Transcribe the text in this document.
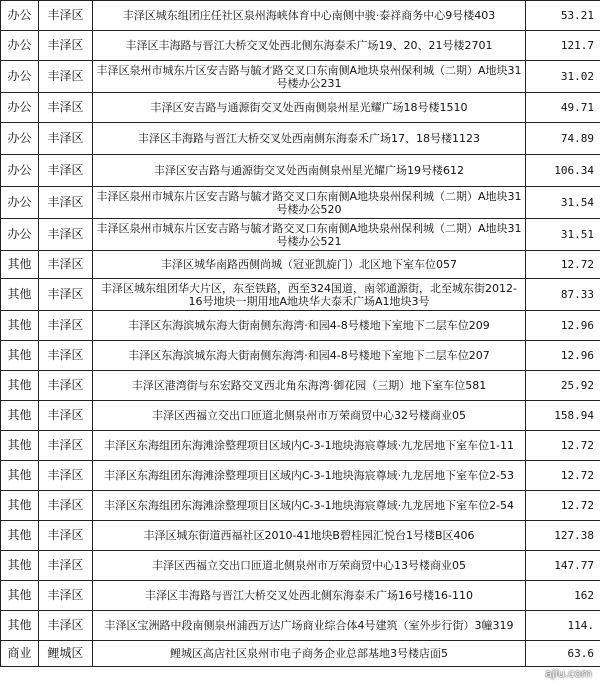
办公	丰泽区	丰泽区城东组团庄任社区泉州海峡体育中心南侧中骏·泰祥商务中心9号楼403	53.21
办公	丰泽区	丰泽区丰海路与晋江大桥交叉处西北侧东海泰禾广场19、20、21号楼2701	121.7
办公	丰泽区	丰泽区泉州市城东片区安吉路与毓才路交叉口东南侧A地块泉州保利城（二期）A地块31号楼办公231	31.02
办公	丰泽区	丰泽区安吉路与通源街交叉处西南侧泉州星光耀广场18号楼1510	49.71
办公	丰泽区	丰泽区丰海路与晋江大桥交叉处西南侧东海泰禾广场17、18号楼1123	74.89
办公	丰泽区	丰泽区安吉路与通源街交叉处西南侧泉州星光耀广场19号楼612	106.34
办公	丰泽区	丰泽区泉州市城东片区安吉路与毓才路交叉口东南侧A地块泉州保利城（二期）A地块31号楼办公520	31.54
办公	丰泽区	丰泽区泉州市城东片区安吉路与毓才路交叉口东南侧A地块泉州保利城（二期）A地块31号楼办公521	31.51
其他	丰泽区	丰泽区城华南路西侧尚城（冠亚凯旋门）北区地下室车位057	12.72
其他	丰泽区	丰泽区城东组团华大片区，东至铁路，西至324国道，南邻通源街，北至城东街2012-16号地块一期用地A地块华大泰禾广场A1地块3号	87.33
其他	丰泽区	丰泽区东海滨城东海大街南侧东海湾·和园4-8号楼地下室地下二层车位209	12.96
其他	丰泽区	丰泽区东海滨城东海大街南侧东海湾·和园4-8号楼地下室地下二层车位207	12.96
其他	丰泽区	丰泽区港湾街与东宏路交叉西北角东海湾·御花园（三期）地下室车位581	25.92
其他	丰泽区	丰泽区西福立交出口匝道北侧泉州市万荣商贸中心32号楼商业05	158.94
其他	丰泽区	丰泽区东海组团东海滩涂整理项目区域内C-3-1地块海宸尊域·九龙居地下室车位1-11	12.72
其他	丰泽区	丰泽区东海组团东海滩涂整理项目区域内C-3-1地块海宸尊域·九龙居地下室车位2-53	12.72
其他	丰泽区	丰泽区东海组团东海滩涂整理项目区域内C-3-1地块海宸尊域·九龙居地下室车位2-54	12.72
其他	丰泽区	丰泽区城东街道西福社区2010-41地块B碧桂园汇悦台1号楼B区406	127.38
其他	丰泽区	丰泽区西福立交出口匝道北侧泉州市万荣商贸中心13号楼商业05	147.77
其他	丰泽区	丰泽区丰海路与晋江大桥交叉处西北侧东海泰禾广场16号楼16-110	162
其他	丰泽区	丰泽区宝洲路中段南侧泉州浦西万达广场商业综合体4号建筑（室外步行街）3幢319	114.
商业	鲤城区	鲤城区高店社区泉州市电子商务企业总部基地3号楼店面5	63.6
ajiu.com
